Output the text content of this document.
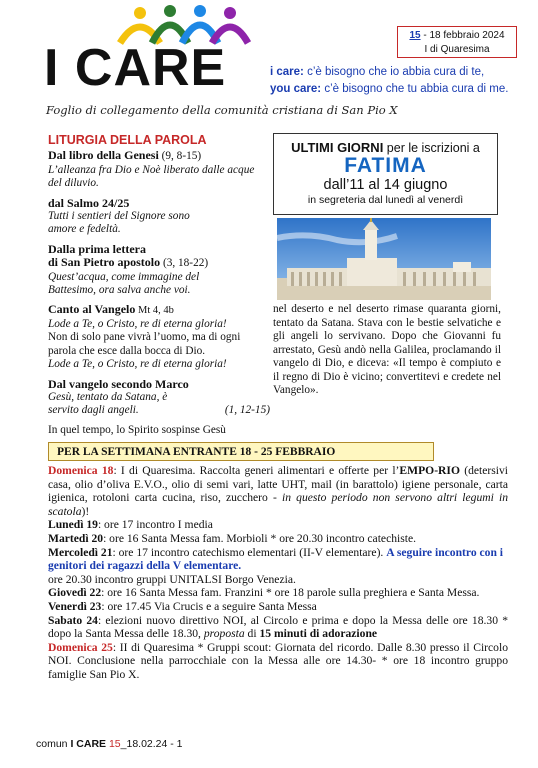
I CARE
Foglio di collegamento della comunità cristiana di San Pio X
15 - 18 febbraio 2024
I di Quaresima
i care: c’è bisogno che io abbia cura di te,
you care: c’è bisogno che tu abbia cura di me.
LITURGIA DELLA PAROLA
Dal libro della Genesi (9, 8-15)
L’alleanza fra Dio e Noè liberato dalle acque del diluvio.
dal Salmo 24/25
Tutti i sentieri del Signore sono amore e fedeltà.
Dalla prima lettera
di San Pietro apostolo (3, 18-22)
Quest’acqua, come immagine del Battesimo, ora salva anche voi.
Canto al Vangelo Mt 4, 4b
Lode a Te, o Cristo, re di eterna gloria!
Non di solo pane vivrà l’uomo, ma di ogni parola che esce dalla bocca di Dio.
Lode a Te, o Cristo, re di eterna gloria!
Dal vangelo secondo Marco
Gesù, tentato da Satana, è servito dagli angeli.	(1, 12-15)
In quel tempo, lo Spirito sospinse Gesù
ULTIMI GIORNI per le iscrizioni a
FATIMA
dall’11 al 14 giugno
in segreteria dal lunedì al venerdì
nel deserto e nel deserto rimase quaranta giorni, tentato da Satana. Stava con le bestie selvatiche e gli angeli lo servivano. Dopo che Giovanni fu arrestato, Gesù andò nella Galilea, proclamando il vangelo di Dio, e diceva: «Il tempo è compiuto e il regno di Dio è vicino; convertitevi e credete nel Vangelo».
PER LA SETTIMANA ENTRANTE 18 - 25 FEBBRAIO
Domenica 18: I di Quaresima. Raccolta generi alimentari e offerte per l’EMPO-RIO (detersivi casa, olio d’oliva E.V.O., olio di semi vari, latte UHT, mail (in barattolo) igiene personale, carta igienica, rotoloni carta cucina, riso, zucchero - in questo periodo non servono altri legumi in scatola)!
Lunedì 19: ore 17 incontro I media
Martedì 20: ore 16 Santa Messa fam. Morbioli * ore 20.30 incontro catechiste.
Mercoledì 21: ore 17 incontro catechismo elementari (II-V elementare). A seguire incontro con i genitori dei ragazzi della V elementare.
ore 20.30 incontro gruppi UNITALSI Borgo Venezia.
Giovedì 22: ore 16 Santa Messa fam. Franzini * ore 18 parole sulla preghiera e Santa Messa.
Venerdì 23: ore 17.45 Via Crucis e a seguire Santa Messa
Sabato 24: elezioni nuovo direttivo NOI, al Circolo e prima e dopo la Messa delle ore 18.30 * dopo la Santa Messa delle 18.30, proposta di 15 minuti di adorazione
Domenica 25: II di Quaresima * Gruppi scout: Giornata del ricordo. Dalle 8.30 presso il Circolo NOI. Conclusione nella parrocchiale con la Messa alle ore 14.30- * ore 18 incontro gruppo famiglie San Pio X.
comun I CARE 15_18.02.24 - 1
